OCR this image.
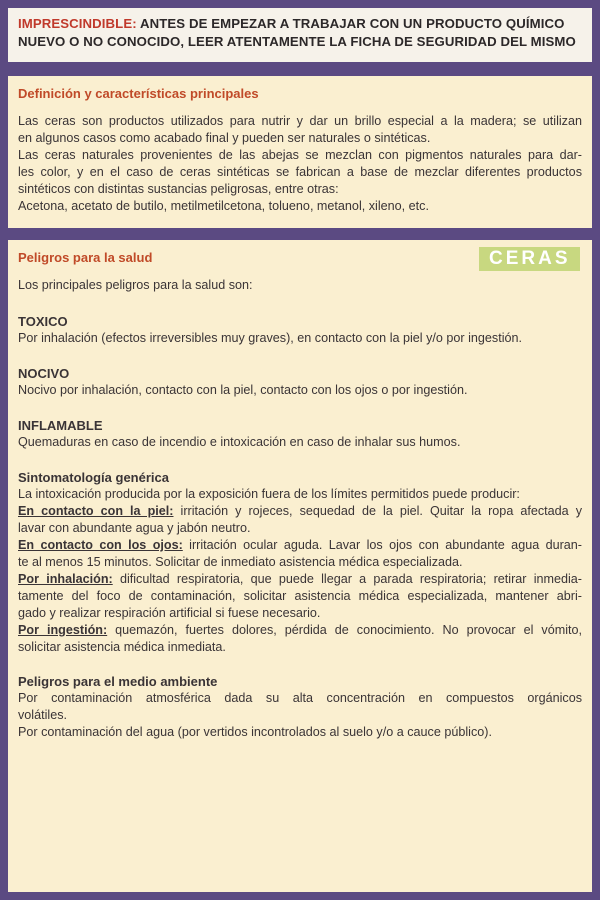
IMPRESCINDIBLE: ANTES DE EMPEZAR A TRABAJAR CON UN PRODUCTO QUÍMICO
NUEVO O NO CONOCIDO, LEER ATENTAMENTE LA FICHA DE SEGURIDAD DEL MISMO

Definición y características principales

Las ceras son productos utilizados para nutrir y dar un brillo especial a la madera; se utilizan

en algunos casos como acabado final y pueden ser naturales o sintéticas.

Las ceras naturales provenientes de las abejas se mezclan con pigmentos naturales para dar-

les color, y en el caso de ceras sintéticas se fabrican a base de mezclar diferentes productos

sintéticos con distintas sustancias peligrosas, entre otras:

Acetona, acetato de butilo, metilmetilcetona, tolueno, metanol, xileno, etc.

CERAS

Peligros para la salud

Los principales peligros para la salud son:

TOXICO

Por inhalación (efectos irreversibles muy graves), en contacto con la piel y/o por ingestión.

NOCIVO

Nocivo por inhalación, contacto con la piel, contacto con los ojos o por ingestión.

INFLAMABLE

Quemaduras en caso de incendio e intoxicación en caso de inhalar sus humos.

Sintomatología genérica

La intoxicación producida por la exposición fuera de los límites permitidos puede producir:

En contacto con la piel: irritación y rojeces, sequedad de la piel. Quitar la ropa afectada y

lavar con abundante agua y jabón neutro.

En contacto con los ojos: irritación ocular aguda. Lavar los ojos con abundante agua duran-

te al menos 15 minutos. Solicitar de inmediato asistencia médica especializada.

Por inhalación: dificultad respiratoria, que puede llegar a parada respiratoria; retirar inmedia-

tamente del foco de contaminación, solicitar asistencia médica especializada, mantener abri-

gado y realizar respiración artificial si fuese necesario.

Por ingestión: quemazón, fuertes dolores, pérdida de conocimiento. No provocar el vómito,

solicitar asistencia médica inmediata.

Peligros para el medio ambiente

Por contaminación atmosférica dada su alta concentración en compuestos orgánicos

volátiles.

Por contaminación del agua (por vertidos incontrolados al suelo y/o a cauce público).
